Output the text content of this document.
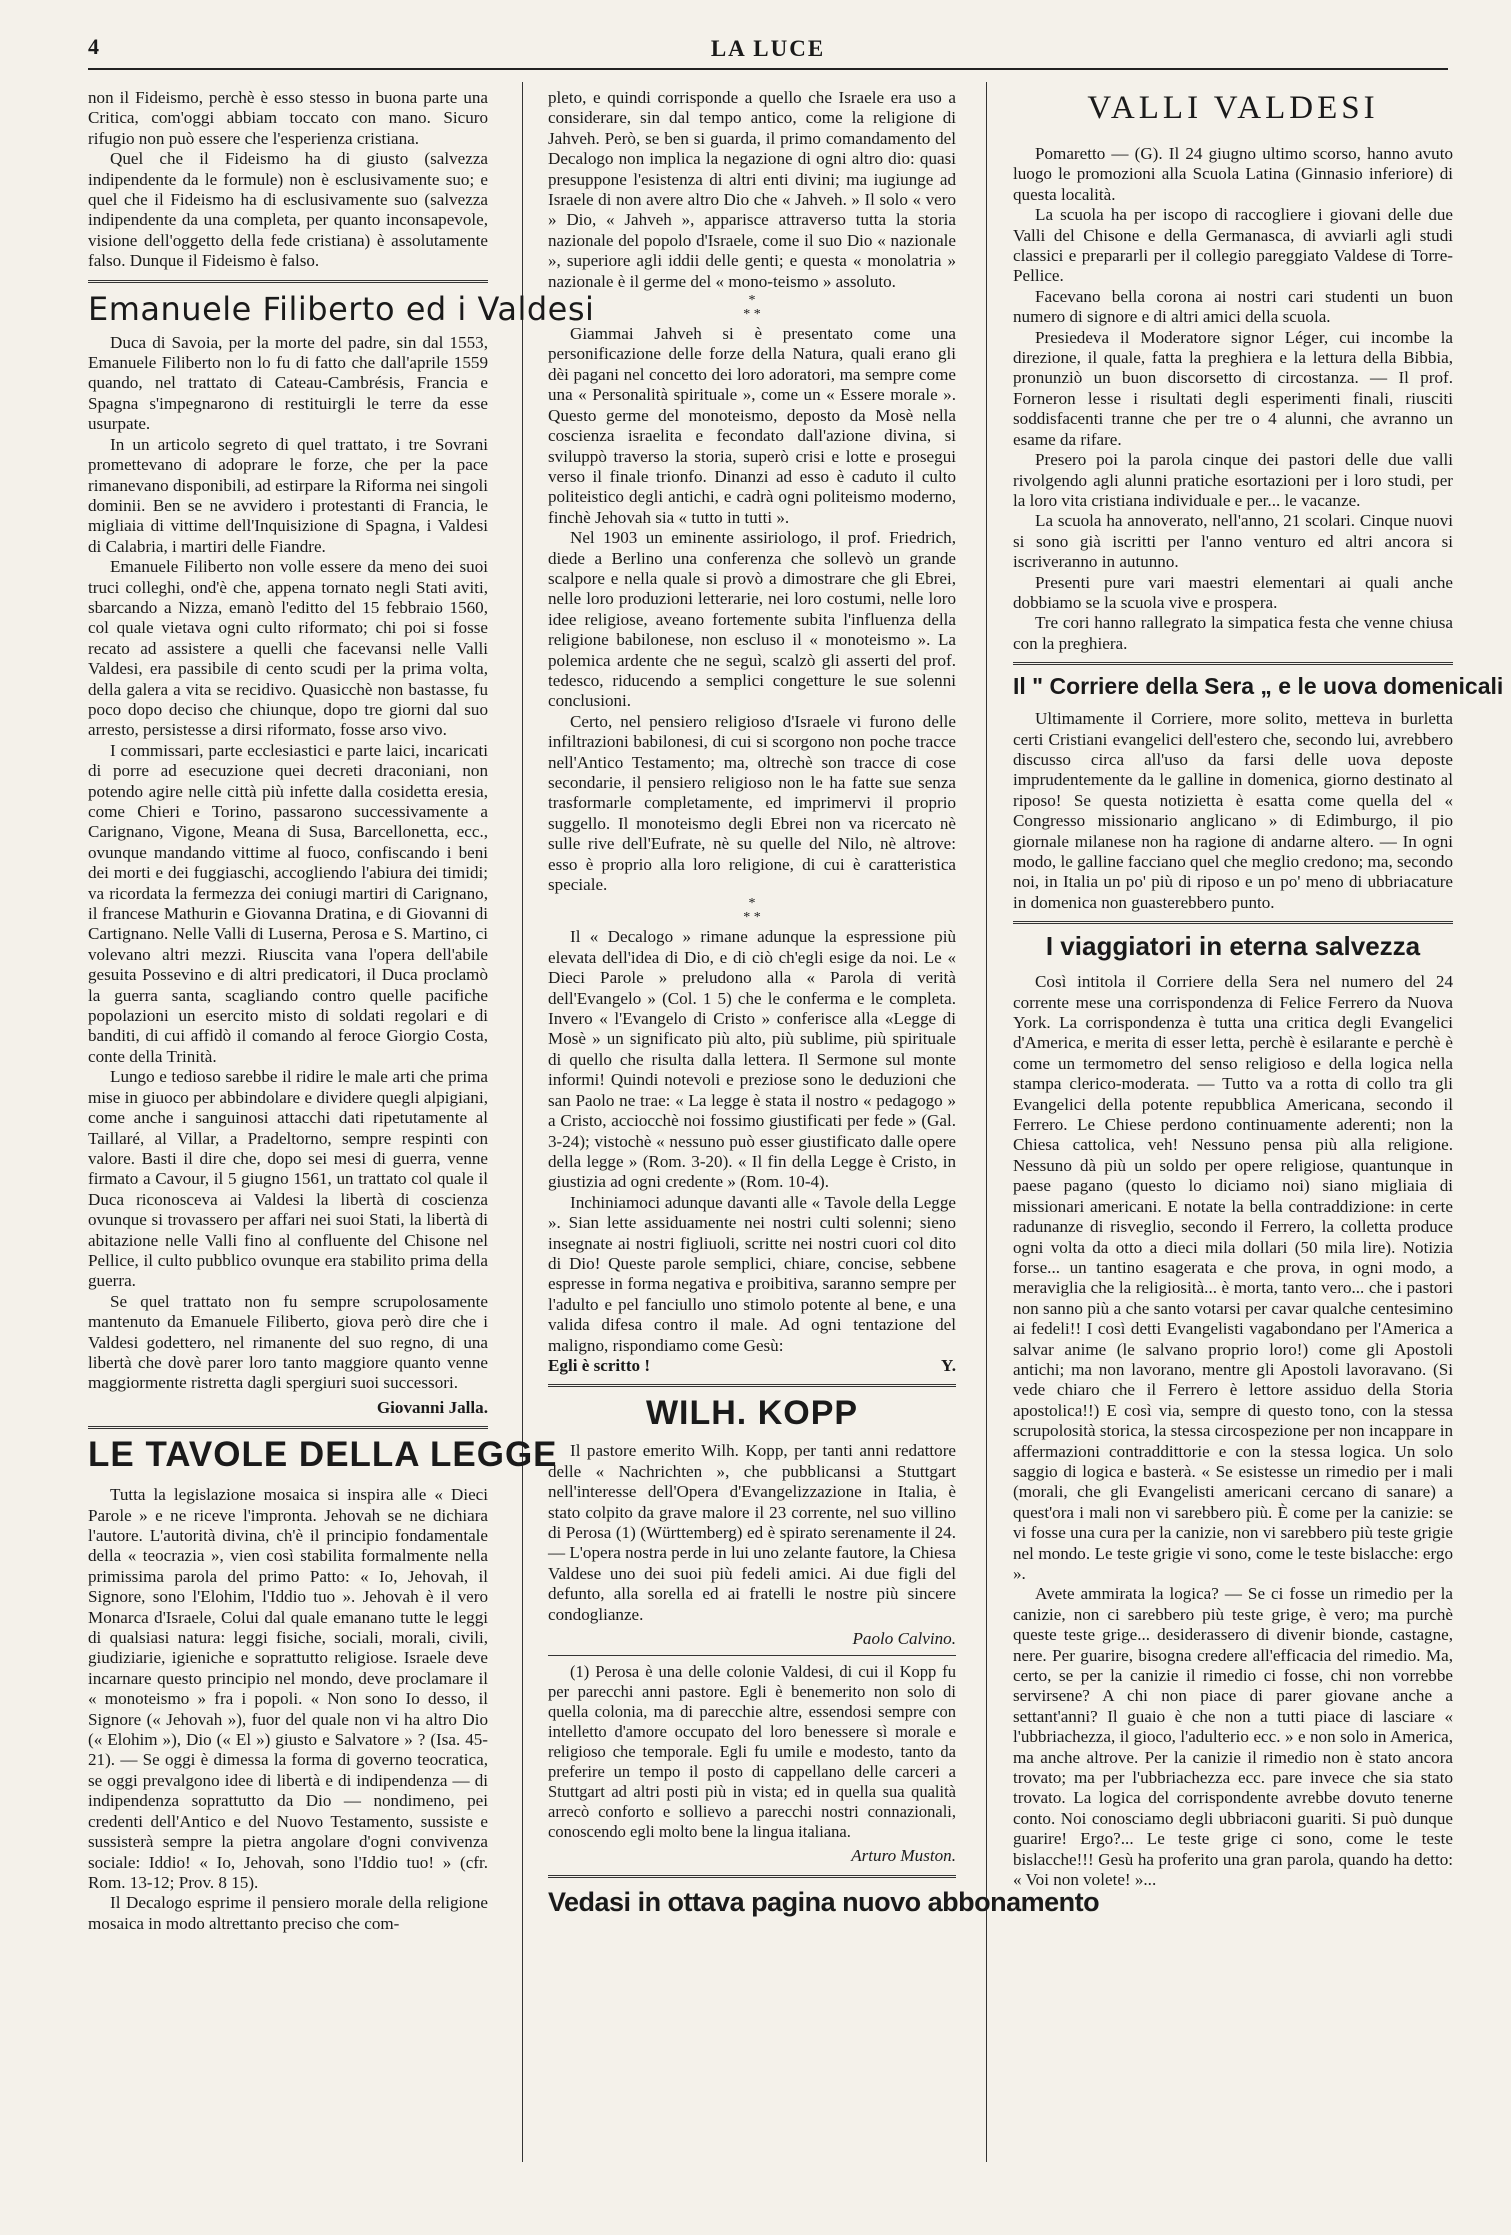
4	LA LUCE

non il Fideismo, perchè è esso stesso in buona parte una Critica, com'oggi abbiam toccato con mano. Sicuro rifugio non può essere che l'esperienza cristiana.

Quel che il Fideismo ha di giusto (salvezza indipendente da le formule) non è esclusivamente suo; e quel che il Fideismo ha di esclusivamente suo (salvezza indipendente da una completa, per quanto inconsapevole, visione dell'oggetto della fede cristiana) è assolutamente falso. Dunque il Fideismo è falso.

Emanuele Filiberto ed i Valdesi

Duca di Savoia, per la morte del padre, sin dal 1553, Emanuele Filiberto non lo fu di fatto che dall'aprile 1559 quando, nel trattato di Cateau-Cambrésis, Francia e Spagna s'impegnarono di restituirgli le terre da esse usurpate.

In un articolo segreto di quel trattato, i tre Sovrani promettevano di adoprare le forze, che per la pace rimanevano disponibili, ad estirpare la Riforma nei singoli dominii. Ben se ne avvidero i protestanti di Francia, le migliaia di vittime dell'Inquisizione di Spagna, i Valdesi di Calabria, i martiri delle Fiandre.

Emanuele Filiberto non volle essere da meno dei suoi truci colleghi, ond'è che, appena tornato negli Stati aviti, sbarcando a Nizza, emanò l'editto del 15 febbraio 1560, col quale vietava ogni culto riformato; chi poi si fosse recato ad assistere a quelli che facevansi nelle Valli Valdesi, era passibile di cento scudi per la prima volta, della galera a vita se recidivo. Quasicchè non bastasse, fu poco dopo deciso che chiunque, dopo tre giorni dal suo arresto, persistesse a dirsi riformato, fosse arso vivo.

I commissari, parte ecclesiastici e parte laici, incaricati di porre ad esecuzione quei decreti draconiani, non potendo agire nelle città più infette dalla cosidetta eresia, come Chieri e Torino, passarono successivamente a Carignano, Vigone, Meana di Susa, Barcellonetta, ecc., ovunque mandando vittime al fuoco, confiscando i beni dei morti e dei fuggiaschi, accogliendo l'abiura dei timidi; va ricordata la fermezza dei coniugi martiri di Carignano, il francese Mathurin e Giovanna Dratina, e di Giovanni di Cartignano. Nelle Valli di Luserna, Perosa e S. Martino, ci volevano altri mezzi. Riuscita vana l'opera dell'abile gesuita Possevino e di altri predicatori, il Duca proclamò la guerra santa, scagliando contro quelle pacifiche popolazioni un esercito misto di soldati regolari e di banditi, di cui affidò il comando al feroce Giorgio Costa, conte della Trinità.

Lungo e tedioso sarebbe il ridire le male arti che prima mise in giuoco per abbindolare e dividere quegli alpigiani, come anche i sanguinosi attacchi dati ripetutamente al Taillaré, al Villar, a Pradeltorno, sempre respinti con valore. Basti il dire che, dopo sei mesi di guerra, venne firmato a Cavour, il 5 giugno 1561, un trattato col quale il Duca riconosceva ai Valdesi la libertà di coscienza ovunque si trovassero per affari nei suoi Stati, la libertà di abitazione nelle Valli fino al confluente del Chisone nel Pellice, il culto pubblico ovunque era stabilito prima della guerra.

Se quel trattato non fu sempre scrupolosamente mantenuto da Emanuele Filiberto, giova però dire che i Valdesi godettero, nel rimanente del suo regno, di una libertà che dovè parer loro tanto maggiore quanto venne maggiormente ristretta dagli spergiuri suoi successori.

Giovanni Jalla.
LE TAVOLE DELLA LEGGE

Tutta la legislazione mosaica si inspira alle « Dieci Parole » e ne riceve l'impronta. Jehovah se ne dichiara l'autore. L'autorità divina, ch'è il principio fondamentale della « teocrazia », vien così stabilita formalmente nella primissima parola del primo Patto: « Io, Jehovah, il Signore, sono l'Elohim, l'Iddio tuo ». Jehovah è il vero Monarca d'Israele, Colui dal quale emanano tutte le leggi di qualsiasi natura: leggi fisiche, sociali, morali, civili, giudiziarie, igieniche e soprattutto religiose. Israele deve incarnare questo principio nel mondo, deve proclamare il « monoteismo » fra i popoli. « Non sono Io desso, il Signore (« Jehovah »), fuor del quale non vi ha altro Dio (« Elohim »), Dio (« El ») giusto e Salvatore » ? (Isa. 45-21). — Se oggi è dimessa la forma di governo teocratica, se oggi prevalgono idee di libertà e di indipendenza — di indipendenza soprattutto da Dio — nondimeno, pei credenti dell'Antico e del Nuovo Testamento, sussiste e sussisterà sempre la pietra angolare d'ogni convivenza sociale: Iddio! « Io, Jehovah, sono l'Iddio tuo! » (cfr. Rom. 13-12; Prov. 8 15).

Il Decalogo esprime il pensiero morale della religione mosaica in modo altrettanto preciso che com-

pleto, e quindi corrisponde a quello che Israele era uso a considerare, sin dal tempo antico, come la religione di Jahveh. Però, se ben si guarda, il primo comandamento del Decalogo non implica la negazione di ogni altro dio: quasi presuppone l'esistenza di altri enti divini; ma iugiunge ad Israele di non avere altro Dio che « Jahveh. » Il solo « vero » Dio, « Jahveh », apparisce attraverso tutta la storia nazionale del popolo d'Israele, come il suo Dio « nazionale », superiore agli iddii delle genti; e questa « monolatria » nazionale è il germe del « mono-teismo » assoluto.

*
* *

Giammai Jahveh si è presentato come una personificazione delle forze della Natura, quali erano gli dèi pagani nel concetto dei loro adoratori, ma sempre come una « Personalità spirituale », come un « Essere morale ». Questo germe del monoteismo, deposto da Mosè nella coscienza israelita e fecondato dall'azione divina, si sviluppò traverso la storia, superò crisi e lotte e prosegui verso il finale trionfo. Dinanzi ad esso è caduto il culto politeistico degli antichi, e cadrà ogni politeismo moderno, finchè Jehovah sia « tutto in tutti ».

Nel 1903 un eminente assiriologo, il prof. Friedrich, diede a Berlino una conferenza che sollevò un grande scalpore e nella quale si provò a dimostrare che gli Ebrei, nelle loro produzioni letterarie, nei loro costumi, nelle loro idee religiose, aveano fortemente subita l'influenza della religione babilonese, non escluso il « monoteismo ». La polemica ardente che ne seguì, scalzò gli asserti del prof. tedesco, riducendo a semplici congetture le sue solenni conclusioni.

Certo, nel pensiero religioso d'Israele vi furono delle infiltrazioni babilonesi, di cui si scorgono non poche tracce nell'Antico Testamento; ma, oltrechè son tracce di cose secondarie, il pensiero religioso non le ha fatte sue senza trasformarle completamente, ed imprimervi il proprio suggello. Il monoteismo degli Ebrei non va ricercato nè sulle rive dell'Eufrate, nè su quelle del Nilo, nè altrove: esso è proprio alla loro religione, di cui è caratteristica speciale.

*
* *

Il « Decalogo » rimane adunque la espressione più elevata dell'idea di Dio, e di ciò ch'egli esige da noi. Le « Dieci Parole » preludono alla « Parola di verità dell'Evangelo » (Col. 1 5) che le conferma e le completa. Invero « l'Evangelo di Cristo » conferisce alla «Legge di Mosè » un significato più alto, più sublime, più spirituale di quello che risulta dalla lettera. Il Sermone sul monte informi! Quindi notevoli e preziose sono le deduzioni che san Paolo ne trae: « La legge è stata il nostro « pedagogo » a Cristo, acciocchè noi fossimo giustificati per fede » (Gal. 3-24); vistochè « nessuno può esser giustificato dalle opere della legge » (Rom. 3-20). « Il fin della Legge è Cristo, in giustizia ad ogni credente » (Rom. 10-4).

Inchiniamoci adunque davanti alle « Tavole della Legge ». Sian lette assiduamente nei nostri culti solenni; sieno insegnate ai nostri figliuoli, scritte nei nostri cuori col dito di Dio! Queste parole semplici, chiare, concise, sebbene espresse in forma negativa e proibitiva, saranno sempre per l'adulto e pel fanciullo uno stimolo potente al bene, e una valida difesa contro il male. Ad ogni tentazione del maligno, rispondiamo come Gesù:

Egli è scritto !	Y.
WILH. KOPP

Il pastore emerito Wilh. Kopp, per tanti anni redattore delle « Nachrichten », che pubblicansi a Stuttgart nell'interesse dell'Opera d'Evangelizzazione in Italia, è stato colpito da grave malore il 23 corrente, nel suo villino di Perosa (1) (Württemberg) ed è spirato serenamente il 24. — L'opera nostra perde in lui uno zelante fautore, la Chiesa Valdese uno dei suoi più fedeli amici. Ai due figli del defunto, alla sorella ed ai fratelli le nostre più sincere condoglianze.

Paolo Calvino.

(1) Perosa è una delle colonie Valdesi, di cui il Kopp fu per parecchi anni pastore. Egli è benemerito non solo di quella colonia, ma di parecchie altre, essendosi sempre con intelletto d'amore occupato del loro benessere sì morale e religioso che temporale. Egli fu umile e modesto, tanto da preferire un tempo il posto di cappellano delle carceri a Stuttgart ad altri posti più in vista; ed in quella sua qualità arrecò conforto e sollievo a parecchi nostri connazionali, conoscendo egli molto bene la lingua italiana.

Arturo Muston.
Vedasi in ottava pagina nuovo abbonamento
VALLI VALDESI

Pomaretto — (G). Il 24 giugno ultimo scorso, hanno avuto luogo le promozioni alla Scuola Latina (Ginnasio inferiore) di questa località.

La scuola ha per iscopo di raccogliere i giovani delle due Valli del Chisone e della Germanasca, di avviarli agli studi classici e prepararli per il collegio pareggiato Valdese di Torre-Pellice.

Facevano bella corona ai nostri cari studenti un buon numero di signore e di altri amici della scuola.

Presiedeva il Moderatore signor Léger, cui incombe la direzione, il quale, fatta la preghiera e la lettura della Bibbia, pronunziò un buon discorsetto di circostanza. — Il prof. Forneron lesse i risultati degli esperimenti finali, riusciti soddisfacenti tranne che per tre o 4 alunni, che avranno un esame da rifare.

Presero poi la parola cinque dei pastori delle due valli rivolgendo agli alunni pratiche esortazioni per i loro studi, per la loro vita cristiana individuale e per... le vacanze.

La scuola ha annoverato, nell'anno, 21 scolari. Cinque nuovi si sono già iscritti per l'anno venturo ed altri ancora si iscriveranno in autunno.

Presenti pure vari maestri elementari ai quali anche dobbiamo se la scuola vive e prospera.

Tre cori hanno rallegrato la simpatica festa che venne chiusa con la preghiera.

Il " Corriere della Sera „ e le uova domenicali

Ultimamente il Corriere, more solito, metteva in burletta certi Cristiani evangelici dell'estero che, secondo lui, avrebbero discusso circa all'uso da farsi delle uova deposte imprudentemente da le galline in domenica, giorno destinato al riposo! Se questa notizietta è esatta come quella del « Congresso missionario anglicano » di Edimburgo, il pio giornale milanese non ha ragione di andarne altero. — In ogni modo, le galline facciano quel che meglio credono; ma, secondo noi, in Italia un po' più di riposo e un po' meno di ubbriacature in domenica non guasterebbero punto.

I viaggiatori in eterna salvezza

Così intitola il Corriere della Sera nel numero del 24 corrente mese una corrispondenza di Felice Ferrero da Nuova York. La corrispondenza è tutta una critica degli Evangelici d'America, e merita di esser letta, perchè è esilarante e perchè è come un termometro del senso religioso e della logica nella stampa clerico-moderata. — Tutto va a rotta di collo tra gli Evangelici della potente repubblica Americana, secondo il Ferrero. Le Chiese perdono continuamente aderenti; non la Chiesa cattolica, veh! Nessuno pensa più alla religione. Nessuno dà più un soldo per opere religiose, quantunque in paese pagano (questo lo diciamo noi) siano migliaia di missionari americani. E notate la bella contraddizione: in certe radunanze di risveglio, secondo il Ferrero, la colletta produce ogni volta da otto a dieci mila dollari (50 mila lire). Notizia forse... un tantino esagerata e che prova, in ogni modo, a meraviglia che la religiosità... è morta, tanto vero... che i pastori non sanno più a che santo votarsi per cavar qualche centesimino ai fedeli!! I così detti Evangelisti vagabondano per l'America a salvar anime (le salvano proprio loro!) come gli Apostoli antichi; ma non lavorano, mentre gli Apostoli lavoravano. (Si vede chiaro che il Ferrero è lettore assiduo della Storia apostolica!!) E così via, sempre di questo tono, con la stessa scrupolosità storica, la stessa circospezione per non incappare in affermazioni contraddittorie e con la stessa logica. Un solo saggio di logica e basterà. « Se esistesse un rimedio per i mali (morali, che gli Evangelisti americani cercano di sanare) a quest'ora i mali non vi sarebbero più. È come per la canizie: se vi fosse una cura per la canizie, non vi sarebbero più teste grigie nel mondo. Le teste grigie vi sono, come le teste bislacche: ergo ».

Avete ammirata la logica? — Se ci fosse un rimedio per la canizie, non ci sarebbero più teste grige, è vero; ma purchè queste teste grige... desiderassero di divenir bionde, castagne, nere. Per guarire, bisogna credere all'efficacia del rimedio. Ma, certo, se per la canizie il rimedio ci fosse, chi non vorrebbe servirsene? A chi non piace di parer giovane anche a settant'anni? Il guaio è che non a tutti piace di lasciare « l'ubbriachezza, il gioco, l'adulterio ecc. » e non solo in America, ma anche altrove. Per la canizie il rimedio non è stato ancora trovato; ma per l'ubbriachezza ecc. pare invece che sia stato trovato. La logica del corrispondente avrebbe dovuto tenerne conto. Noi conosciamo degli ubbriaconi guariti. Si può dunque guarire! Ergo?... Le teste grige ci sono, come le teste bislacche!!! Gesù ha proferito una gran parola, quando ha detto: « Voi non volete! »...
